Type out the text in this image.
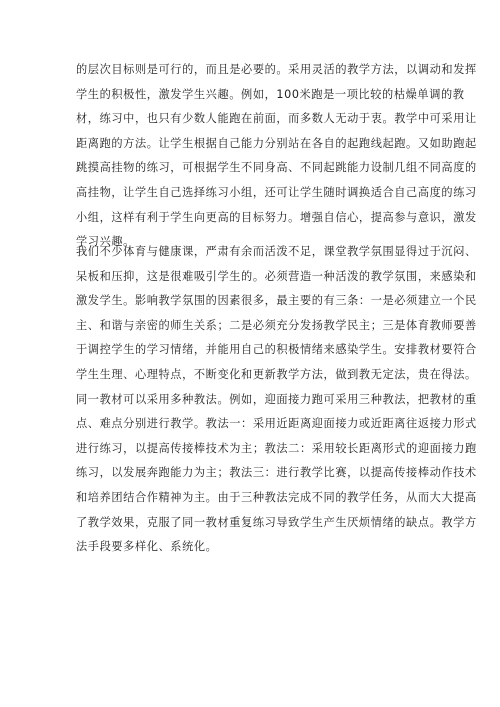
的层次目标则是可行的，而且是必要的。采用灵活的教学方法，以调动和发挥
学生的积极性，激发学生兴趣。例如，100米跑是一项比较的枯燥单调的教
材，练习中，也只有少数人能跑在前面，而多数人无动于衷。教学中可采用让
距离跑的方法。让学生根据自己能力分别站在各自的起跑线起跑。又如助跑起
跳摸高挂物的练习，可根据学生不同身高、不同起跳能力设制几组不同高度的
高挂物，让学生自己选择练习小组，还可让学生随时调换适合自己高度的练习
小组，这样有利于学生向更高的目标努力。增强自信心，提高参与意识，激发
学习兴趣。
我们不少体育与健康课，严肃有余而活泼不足，课堂教学氛围显得过于沉闷、
呆板和压抑，这是很难吸引学生的。必须营造一种活泼的教学氛围，来感染和
激发学生。影响教学氛围的因素很多，最主要的有三条：一是必须建立一个民
主、和谐与亲密的师生关系；二是必须充分发扬教学民主；三是体育教师要善
于调控学生的学习情绪，并能用自己的积极情绪来感染学生。安排教材要符合
学生生理、心理特点，不断变化和更新教学方法，做到教无定法，贵在得法。
同一教材可以采用多种教法。例如，迎面接力跑可采用三种教法，把教材的重
点、难点分别进行教学。教法一：采用近距离迎面接力或近距离往返接力形式
进行练习，以提高传接棒技术为主；教法二：采用较长距离形式的迎面接力跑
练习，以发展奔跑能力为主；教法三：进行教学比赛，以提高传接棒动作技术
和培养团结合作精神为主。由于三种教法完成不同的教学任务，从而大大提高
了教学效果，克服了同一教材重复练习导致学生产生厌烦情绪的缺点。教学方
法手段要多样化、系统化。
